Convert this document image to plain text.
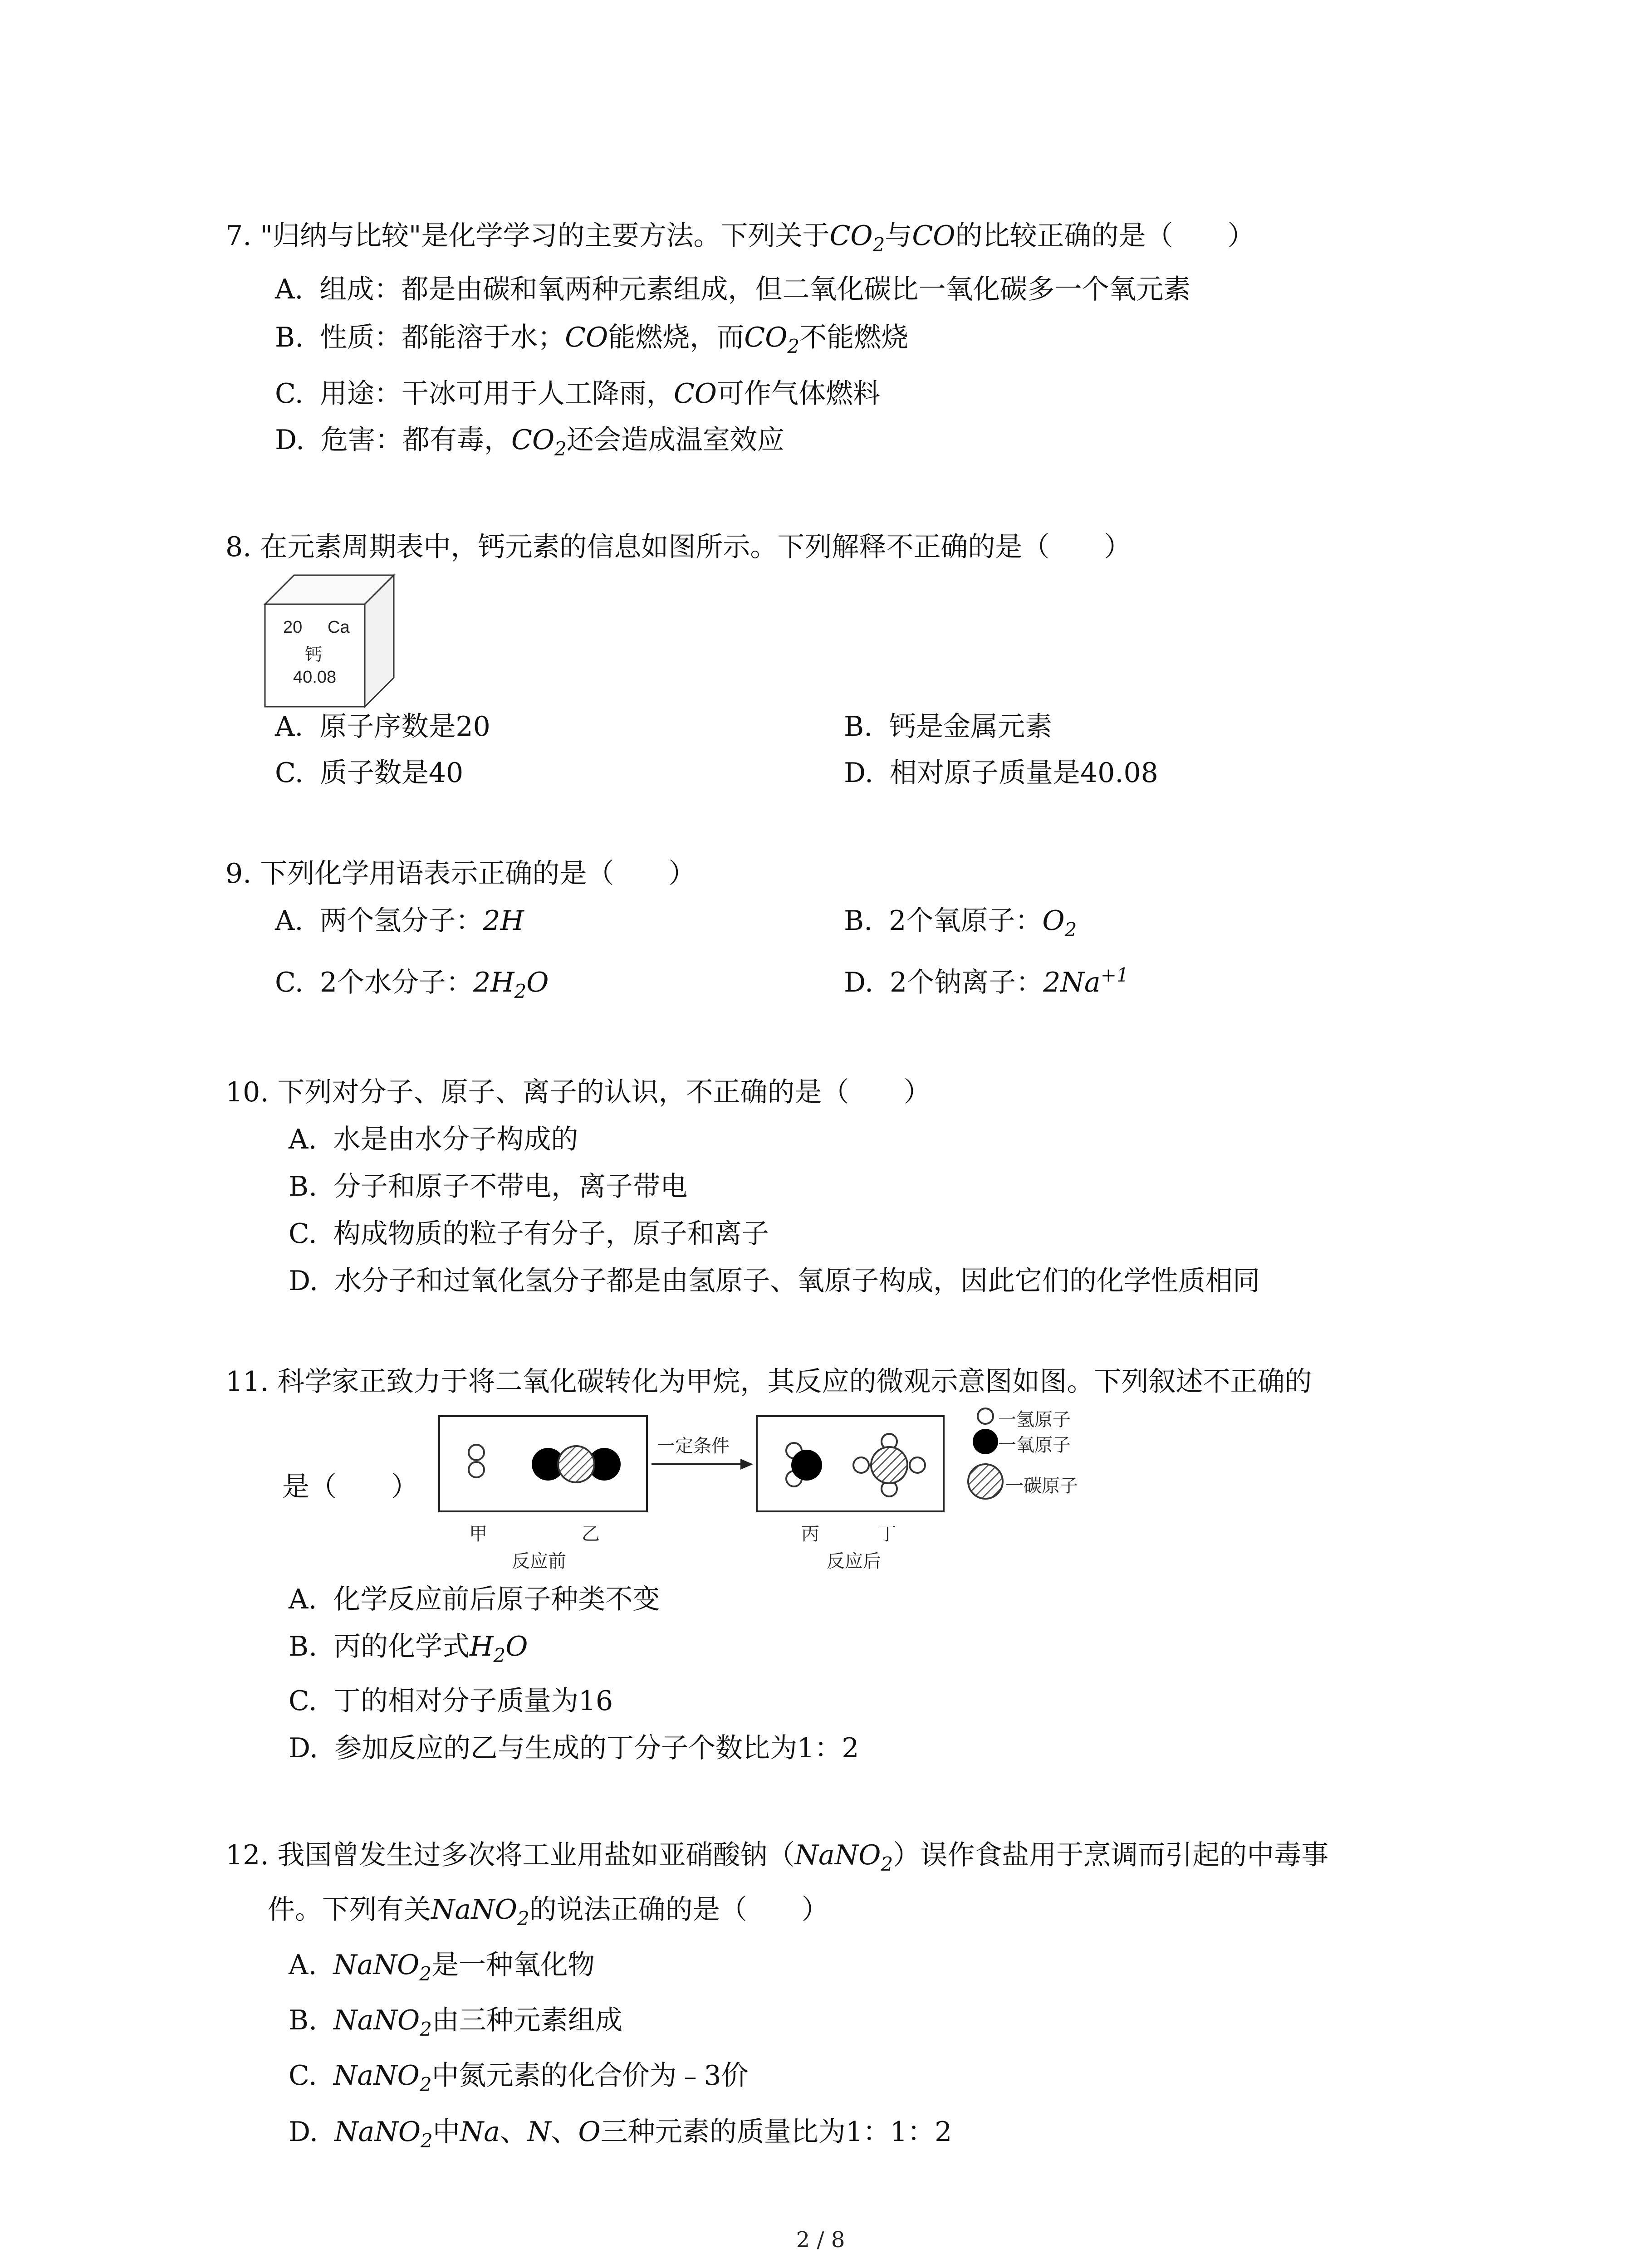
7. "归纳与比较"是化学学习的主要方法。下列关于$CO_2$与CO的比较正确的是（　　）
A. 组成：都是由碳和氧两种元素组成，但二氧化碳比一氧化碳多一个氧元素
B. 性质：都能溶于水；CO能燃烧，而$CO_2$不能燃烧
C. 用途：干冰可用于人工降雨，CO可作气体燃料
D. 危害：都有毒，$CO_2$还会造成温室效应
8. 在元素周期表中，钙元素的信息如图所示。下列解释不正确的是（　　）
20 Ca
钙
40.08
A. 原子序数是20	B. 钙是金属元素
C. 质子数是40	D. 相对原子质量是40.08
9. 下列化学用语表示正确的是（　　）
A. 两个氢分子：2H	B. 2个氧原子：$O_2$
C. 2个水分子：$2H_2O$	D. 2个钠离子：$2Na^{+1}$
10. 下列对分子、原子、离子的认识，不正确的是（　　）
A. 水是由水分子构成的
B. 分子和原子不带电，离子带电
C. 构成物质的粒子有分子，原子和离子
D. 水分子和过氧化氢分子都是由氢原子、氧原子构成，因此它们的化学性质相同
11. 科学家正致力于将二氧化碳转化为甲烷，其反应的微观示意图如图。下列叙述不正确的
是（　　）
一定条件
甲	乙
反应前
丙	丁
反应后
一氢原子
一氧原子
一碳原子
A. 化学反应前后原子种类不变
B. 丙的化学式$H_2O$
C. 丁的相对分子质量为16
D. 参加反应的乙与生成的丁分子个数比为1：2
12. 我国曾发生过多次将工业用盐如亚硝酸钠（NaNO$_2$）误作食盐用于烹调而引起的中毒事
件。下列有关NaNO$_2$的说法正确的是（　　）
A. NaNO$_2$是一种氧化物
B. NaNO$_2$由三种元素组成
C. NaNO$_2$中氮元素的化合价为﹣3价
D. NaNO$_2$中Na、N、O三种元素的质量比为1：1：2
2 / 8
